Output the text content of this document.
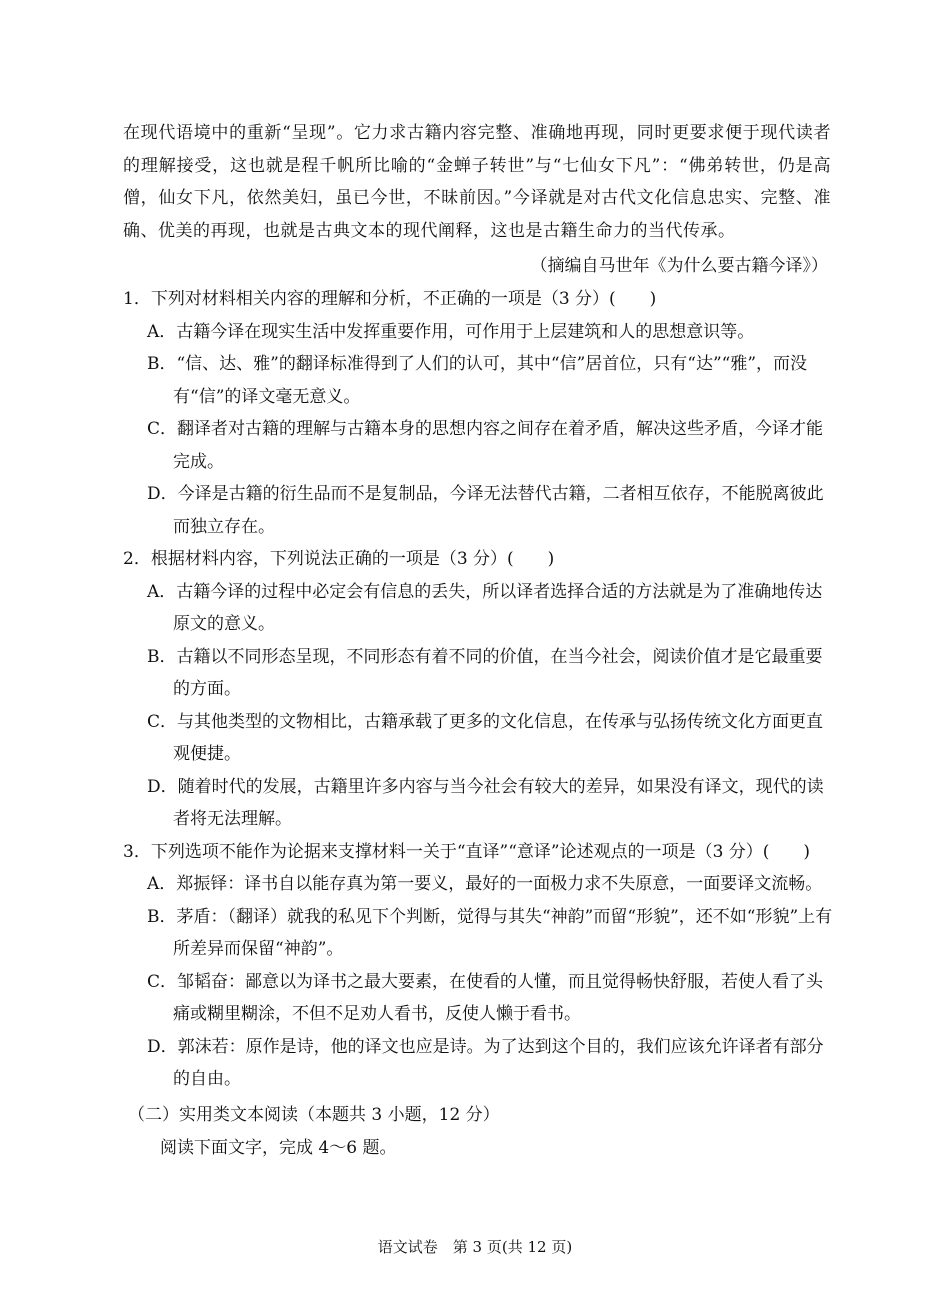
在现代语境中的重新“呈现”。它力求古籍内容完整、准确地再现，同时更要求便于现代读者的理解接受，这也就是程千帆所比喻的“金蝉子转世”与“七仙女下凡”：“佛弟转世，仍是高僧，仙女下凡，依然美妇，虽已今世，不昧前因。”今译就是对古代文化信息忠实、完整、准确、优美的再现，也就是古典文本的现代阐释，这也是古籍生命力的当代传承。

（摘编自马世年《为什么要古籍今译》）

1．下列对材料相关内容的理解和分析，不正确的一项是（3 分）(　　)

A．古籍今译在现实生活中发挥重要作用，可作用于上层建筑和人的思想意识等。

B．“信、达、雅”的翻译标准得到了人们的认可，其中“信”居首位，只有“达”“雅”，而没有“信”的译文毫无意义。

C．翻译者对古籍的理解与古籍本身的思想内容之间存在着矛盾，解决这些矛盾，今译才能完成。

D．今译是古籍的衍生品而不是复制品，今译无法替代古籍，二者相互依存，不能脱离彼此而独立存在。

2．根据材料内容，下列说法正确的一项是（3 分）(　　)

A．古籍今译的过程中必定会有信息的丢失，所以译者选择合适的方法就是为了准确地传达原文的意义。

B．古籍以不同形态呈现，不同形态有着不同的价值，在当今社会，阅读价值才是它最重要的方面。

C．与其他类型的文物相比，古籍承载了更多的文化信息，在传承与弘扬传统文化方面更直观便捷。

D．随着时代的发展，古籍里许多内容与当今社会有较大的差异，如果没有译文，现代的读者将无法理解。

3．下列选项不能作为论据来支撑材料一关于“直译”“意译”论述观点的一项是（3 分）(　　)

A．郑振铎：译书自以能存真为第一要义，最好的一面极力求不失原意，一面要译文流畅。

B．茅盾：（翻译）就我的私见下个判断，觉得与其失“神韵”而留“形貌”，还不如“形貌”上有所差异而保留“神韵”。

C．邹韬奋：鄙意以为译书之最大要素，在使看的人懂，而且觉得畅快舒服，若使人看了头痛或糊里糊涂，不但不足劝人看书，反使人懒于看书。

D．郭沫若：原作是诗，他的译文也应是诗。为了达到这个目的，我们应该允许译者有部分的自由。

（二）实用类文本阅读（本题共 3 小题，12 分）
阅读下面文字，完成 4～6 题。
语文试卷　第 3 页(共 12 页)
